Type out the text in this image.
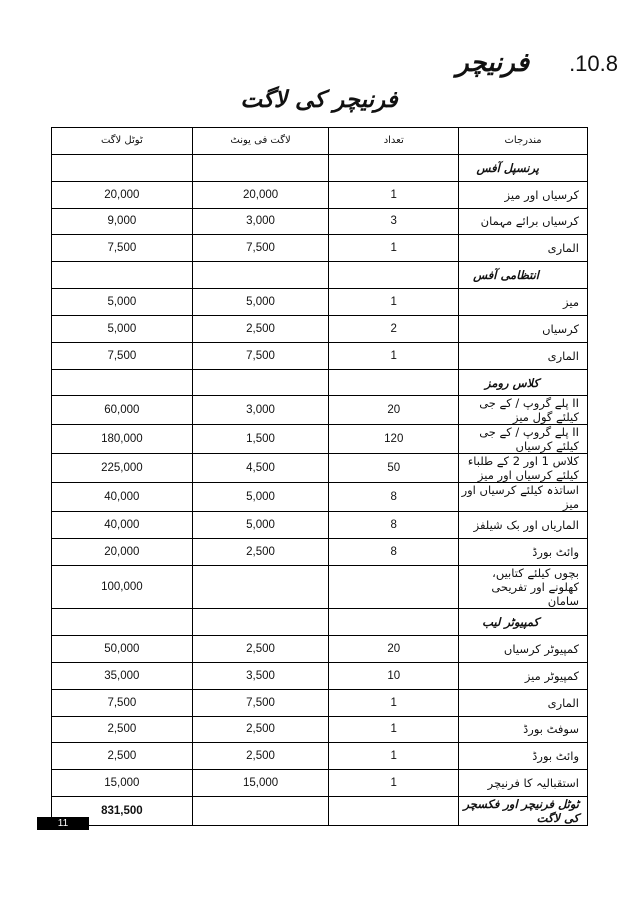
فرنیچر .10.8
فرنیچر کی لاگت
ٹوٹل لاگت	لاگت فی یونٹ	تعداد	مندرجات
			پرنسپل آفس
20,000	20,000	1	کرسیاں اور میز
9,000	3,000	3	کرسیاں برائے مہمان
7,500	7,500	1	الماری
			انتظامی آفس
5,000	5,000	1	میز
5,000	2,500	2	کرسیاں
7,500	7,500	1	الماری
			کلاس رومز
60,000	3,000	20	پلے گروپ / کے جی II کیلئے گول میز
180,000	1,500	120	پلے گروپ / کے جی II کیلئے کرسیاں
225,000	4,500	50	کلاس 1 اور 2 کے طلباء کیلئے کرسیاں اور میز
40,000	5,000	8	اساتذہ کیلئے کرسیاں اور میز
40,000	5,000	8	الماریاں اور بک شیلفز
20,000	2,500	8	وائٹ بورڈ
100,000			بچوں کیلئے کتابیں، کھلونے اور تفریحی سامان
			کمپیوٹر لیب
50,000	2,500	20	کمپیوٹر کرسیاں
35,000	3,500	10	کمپیوٹر میز
7,500	7,500	1	الماری
2,500	2,500	1	سوفٹ بورڈ
2,500	2,500	1	وائٹ بورڈ
15,000	15,000	1	استقبالیہ کا فرنیچر
831,500			ٹوٹل فرنیچر اور فکسچر کی لاگت
11
